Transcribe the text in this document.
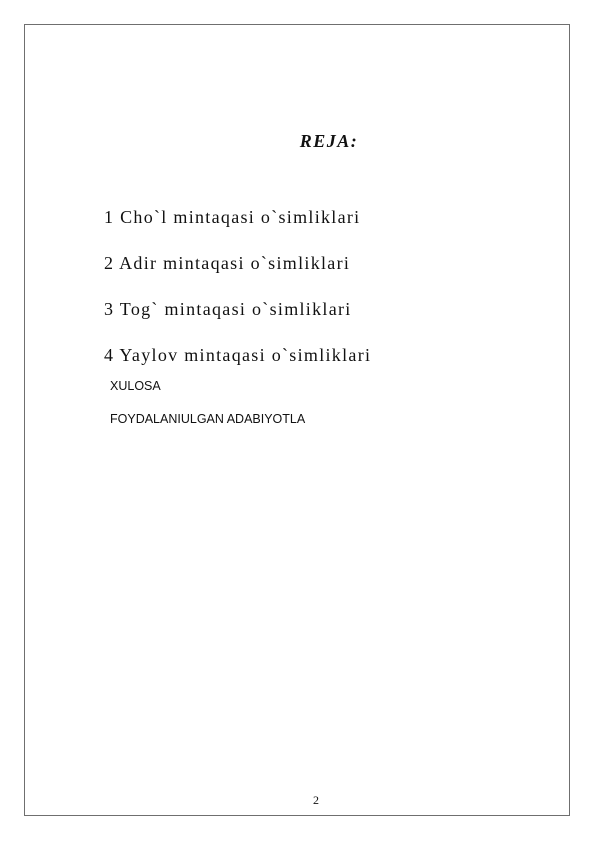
REJA:
1 Cho`l mintaqasi o`simliklari
2 Adir mintaqasi o`simliklari
3 Tog` mintaqasi o`simliklari
4 Yaylov mintaqasi o`simliklari
XULOSA
FOYDALANIULGAN ADABIYOTLA
2
